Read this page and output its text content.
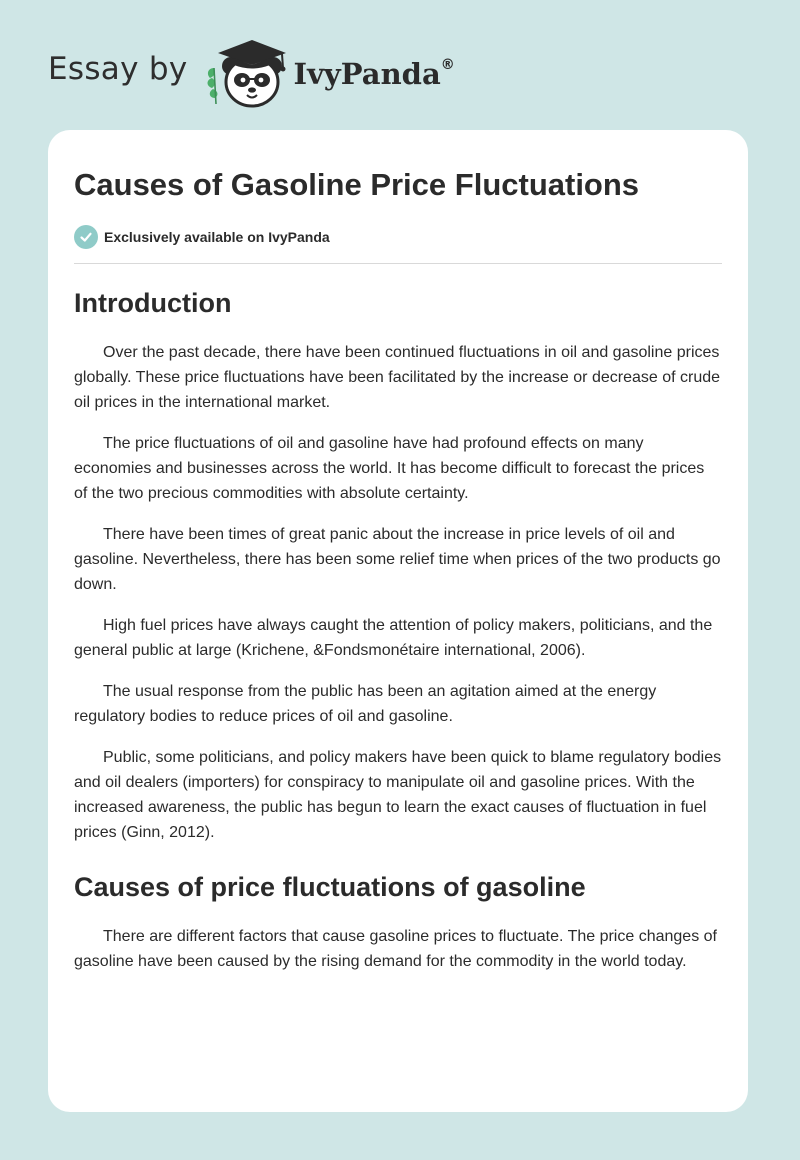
Essay by	IvyPanda®
Causes of Gasoline Price Fluctuations
Exclusively available on IvyPanda
Introduction

Over the past decade, there have been continued fluctuations in oil and gasoline prices globally. These price fluctuations have been facilitated by the increase or decrease of crude oil prices in the international market.

The price fluctuations of oil and gasoline have had profound effects on many economies and businesses across the world. It has become difficult to forecast the prices of the two precious commodities with absolute certainty.

There have been times of great panic about the increase in price levels of oil and gasoline. Nevertheless, there has been some relief time when prices of the two products go down.

High fuel prices have always caught the attention of policy makers, politicians, and the general public at large (Krichene, &Fondsmonétaire international, 2006).

The usual response from the public has been an agitation aimed at the energy regulatory bodies to reduce prices of oil and gasoline.

Public, some politicians, and policy makers have been quick to blame regulatory bodies and oil dealers (importers) for conspiracy to manipulate oil and gasoline prices. With the increased awareness, the public has begun to learn the exact causes of fluctuation in fuel prices (Ginn, 2012).

Causes of price fluctuations of gasoline

There are different factors that cause gasoline prices to fluctuate. The price changes of gasoline have been caused by the rising demand for the commodity in the world today.
